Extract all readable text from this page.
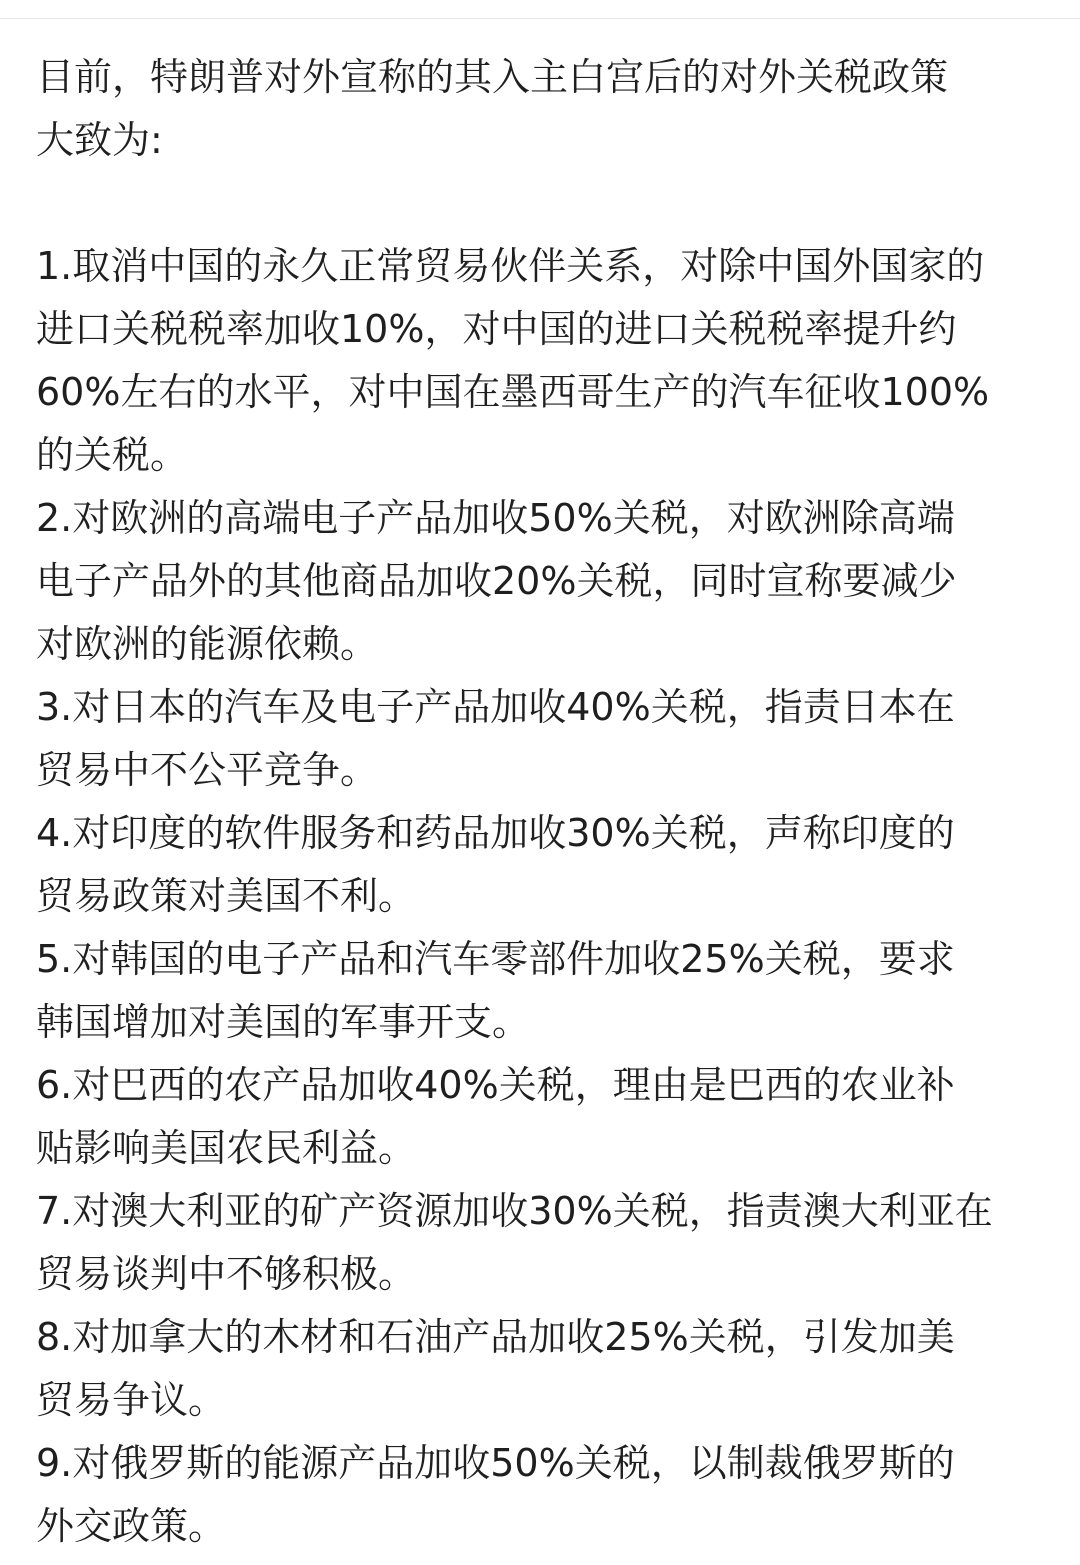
目前，特朗普对外宣称的其入主白宫后的对外关税政策
大致为:
1.取消中国的永久正常贸易伙伴关系，对除中国外国家的
进口关税税率加收10%，对中国的进口关税税率提升约
60%左右的水平，对中国在墨西哥生产的汽车征收100%
的关税。
2.对欧洲的高端电子产品加收50%关税，对欧洲除高端
电子产品外的其他商品加收20%关税，同时宣称要减少
对欧洲的能源依赖。
3.对日本的汽车及电子产品加收40%关税，指责日本在
贸易中不公平竞争。
4.对印度的软件服务和药品加收30%关税，声称印度的
贸易政策对美国不利。
5.对韩国的电子产品和汽车零部件加收25%关税，要求
韩国增加对美国的军事开支。
6.对巴西的农产品加收40%关税，理由是巴西的农业补
贴影响美国农民利益。
7.对澳大利亚的矿产资源加收30%关税，指责澳大利亚在
贸易谈判中不够积极。
8.对加拿大的木材和石油产品加收25%关税，引发加美
贸易争议。
9.对俄罗斯的能源产品加收50%关税，以制裁俄罗斯的
外交政策。
